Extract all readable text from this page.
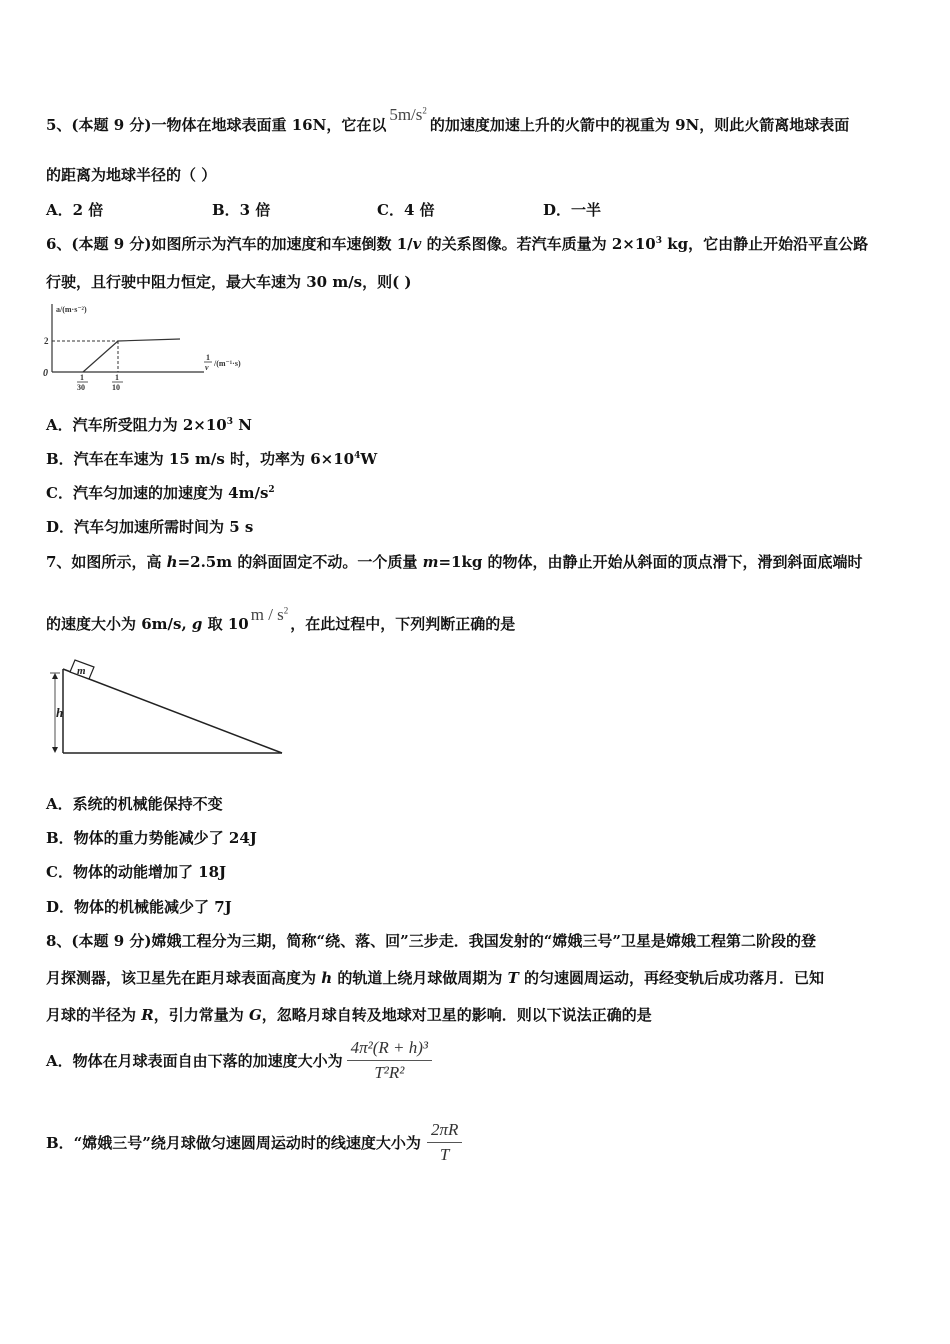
5、(本题 9 分)一物体在地球表面重 16N，它在以$5m/s^2$的加速度加速上升的火箭中的视重为 9N，则此火箭离地球表面
的距离为地球半径的（ ）
A．2 倍	B．3 倍	C．4 倍	D．一半
6、(本题 9 分)如图所示为汽车的加速度和车速倒数 1/v 的关系图像。若汽车质量为 $2\times 10^3$ kg，它由静止开始沿平直公路
行驶，且行驶中阻力恒定，最大车速为 30 m/s，则( )
a/(m·s⁻²)
2
0	1
30
1
10
1
v /(m⁻¹·s)
A．汽车所受阻力为 $2\times 10^3$ N
B．汽车在车速为 15 m/s 时，功率为 $6\times 10^4W$
C．汽车匀加速的加速度为 $4m/s^2$
D．汽车匀加速所需时间为 5 s
7、如图所示，高 h=2.5m 的斜面固定不动。一个质量 m=1kg 的物体，由静止开始从斜面的顶点滑下，滑到斜面底端时
的速度大小为 6m/s, g 取 10 m / $s^2$，在此过程中，下列判断正确的是
m
h
A．系统的机械能保持不变
B．物体的重力势能减少了 24J
C．物体的动能增加了 18J
D．物体的机械能减少了 7J
8、(本题 9 分)嫦娥工程分为三期，简称“绕、落、回”三步走．我国发射的“嫦娥三号”卫星是嫦娥工程第二阶段的登
月探测器，该卫星先在距月球表面高度为 h 的轨道上绕月球做周期为 T 的匀速圆周运动，再经变轨后成功落月．已知
月球的半径为 R，引力常量为 G，忽略月球自转及地球对卫星的影响．则以下说法正确的是
A．物体在月球表面自由下落的加速度大小为 $\frac{\text{4π²(R + h)³}}{\text{T²R²}}$
B．“嫦娥三号”绕月球做匀速圆周运动时的线速度大小为 $\frac{2\pi R}{T}$
